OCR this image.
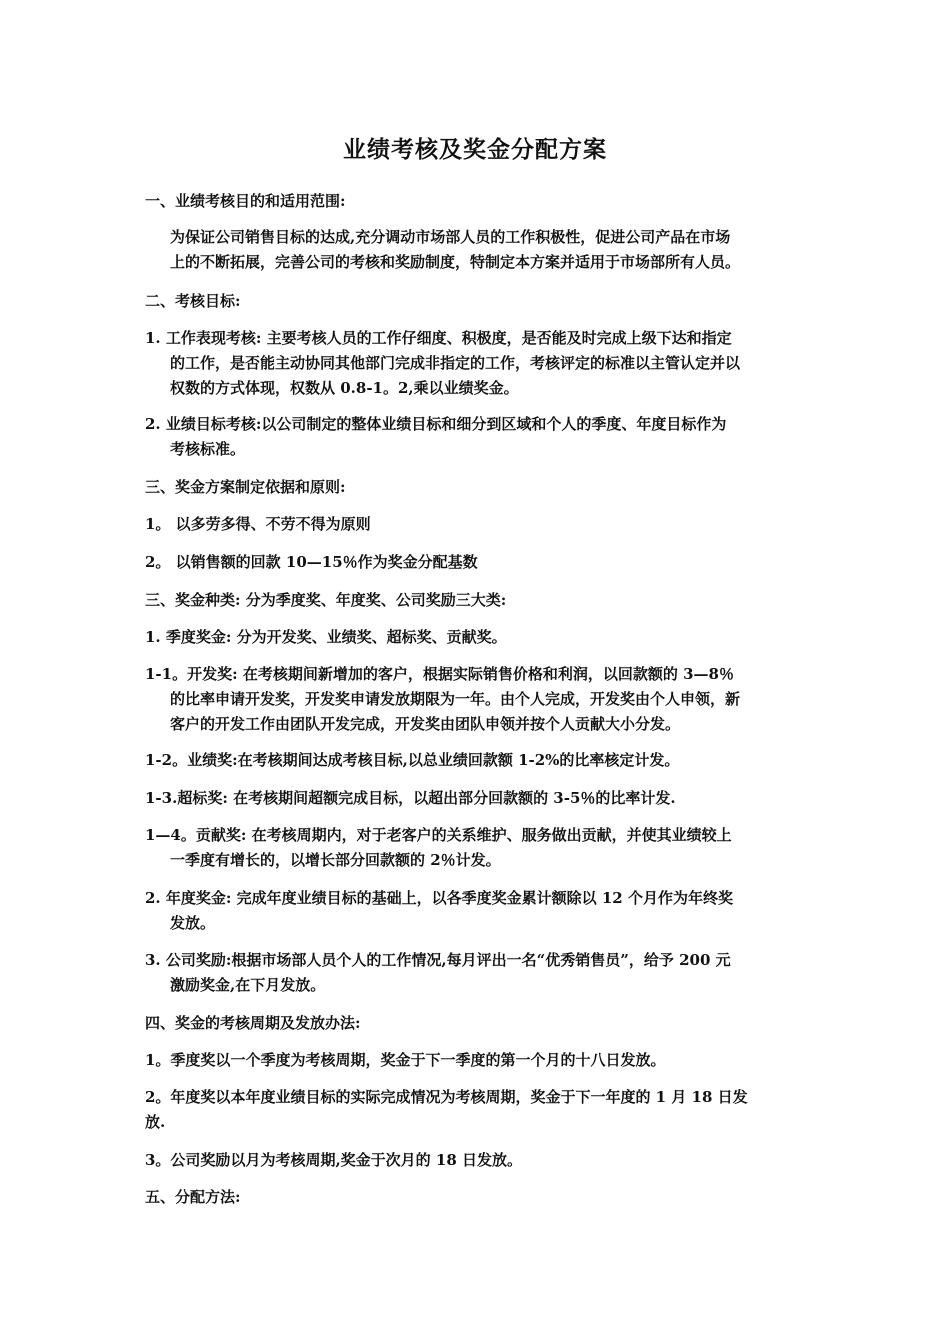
业绩考核及奖金分配方案

一、业绩考核目的和适用范围:

为保证公司销售目标的达成,充分调动市场部人员的工作积极性，促进公司产品在市场

上的不断拓展，完善公司的考核和奖励制度，特制定本方案并适用于市场部所有人员。

二、考核目标:

1. 工作表现考核: 主要考核人员的工作仔细度、积极度，是否能及时完成上级下达和指定

的工作，是否能主动协同其他部门完成非指定的工作，考核评定的标准以主管认定并以

权数的方式体现，权数从 0.8-1。2,乘以业绩奖金。

2. 业绩目标考核:以公司制定的整体业绩目标和细分到区域和个人的季度、年度目标作为

考核标准。

三、奖金方案制定依据和原则:

1。 以多劳多得、不劳不得为原则

2。 以销售额的回款 10—15％作为奖金分配基数

三、奖金种类: 分为季度奖、年度奖、公司奖励三大类:

1. 季度奖金: 分为开发奖、业绩奖、超标奖、贡献奖。

1-1。开发奖: 在考核期间新增加的客户，根据实际销售价格和利润，以回款额的 3—8％

的比率申请开发奖，开发奖申请发放期限为一年。由个人完成，开发奖由个人申领，新

客户的开发工作由团队开发完成，开发奖由团队申领并按个人贡献大小分发。

1-2。业绩奖:在考核期间达成考核目标,以总业绩回款额 1-2%的比率核定计发。

1-3.超标奖: 在考核期间超额完成目标，以超出部分回款额的 3-5％的比率计发.

1—4。贡献奖: 在考核周期内，对于老客户的关系维护、服务做出贡献，并使其业绩较上

一季度有增长的，以增长部分回款额的 2％计发。

2. 年度奖金: 完成年度业绩目标的基础上，以各季度奖金累计额除以 12 个月作为年终奖

发放。

3. 公司奖励:根据市场部人员个人的工作情况,每月评出一名“优秀销售员”，给予 200 元

激励奖金,在下月发放。

四、奖金的考核周期及发放办法:

1。季度奖以一个季度为考核周期，奖金于下一季度的第一个月的十八日发放。

2。年度奖以本年度业绩目标的实际完成情况为考核周期，奖金于下一年度的 1 月 18 日发

放.

3。公司奖励以月为考核周期,奖金于次月的 18 日发放。

五、分配方法:
